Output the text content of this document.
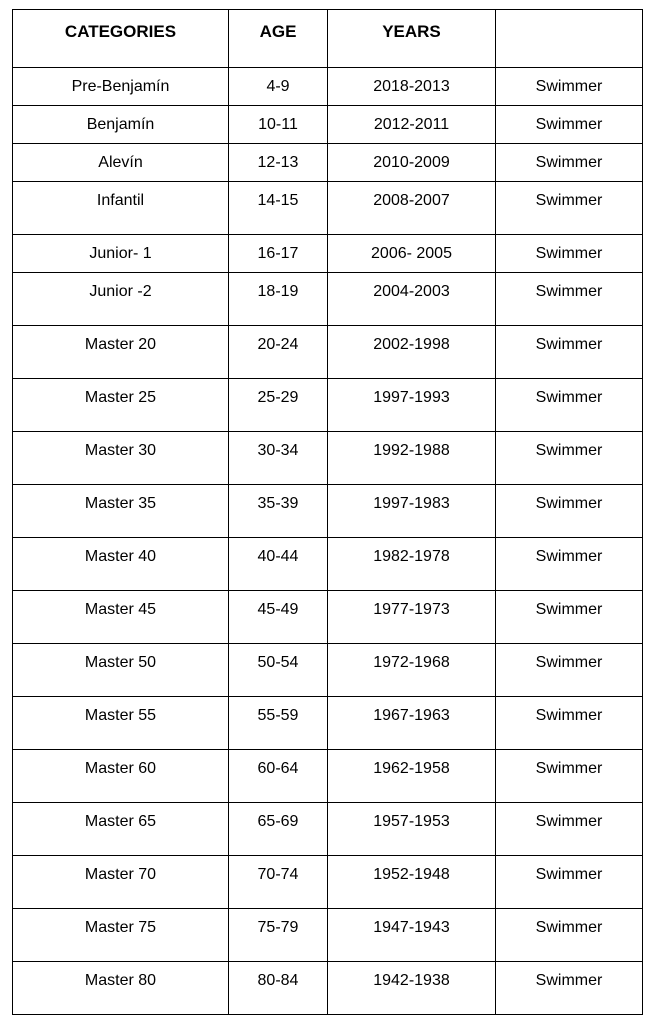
CATEGORIES	AGE	YEARS	
Pre-Benjamín	4-9	2018-2013	Swimmer
Benjamín	10-11	2012-2011	Swimmer
Alevín	12-13	2010-2009	Swimmer
Infantil	14-15	2008-2007	Swimmer
Junior- 1	16-17	2006- 2005	Swimmer
Junior -2	18-19	2004-2003	Swimmer
Master 20	20-24	2002-1998	Swimmer
Master 25	25-29	1997-1993	Swimmer
Master 30	30-34	1992-1988	Swimmer
Master 35	35-39	1997-1983	Swimmer
Master 40	40-44	1982-1978	Swimmer
Master 45	45-49	1977-1973	Swimmer
Master 50	50-54	1972-1968	Swimmer
Master 55	55-59	1967-1963	Swimmer
Master 60	60-64	1962-1958	Swimmer
Master 65	65-69	1957-1953	Swimmer
Master 70	70-74	1952-1948	Swimmer
Master 75	75-79	1947-1943	Swimmer
Master 80	80-84	1942-1938	Swimmer
